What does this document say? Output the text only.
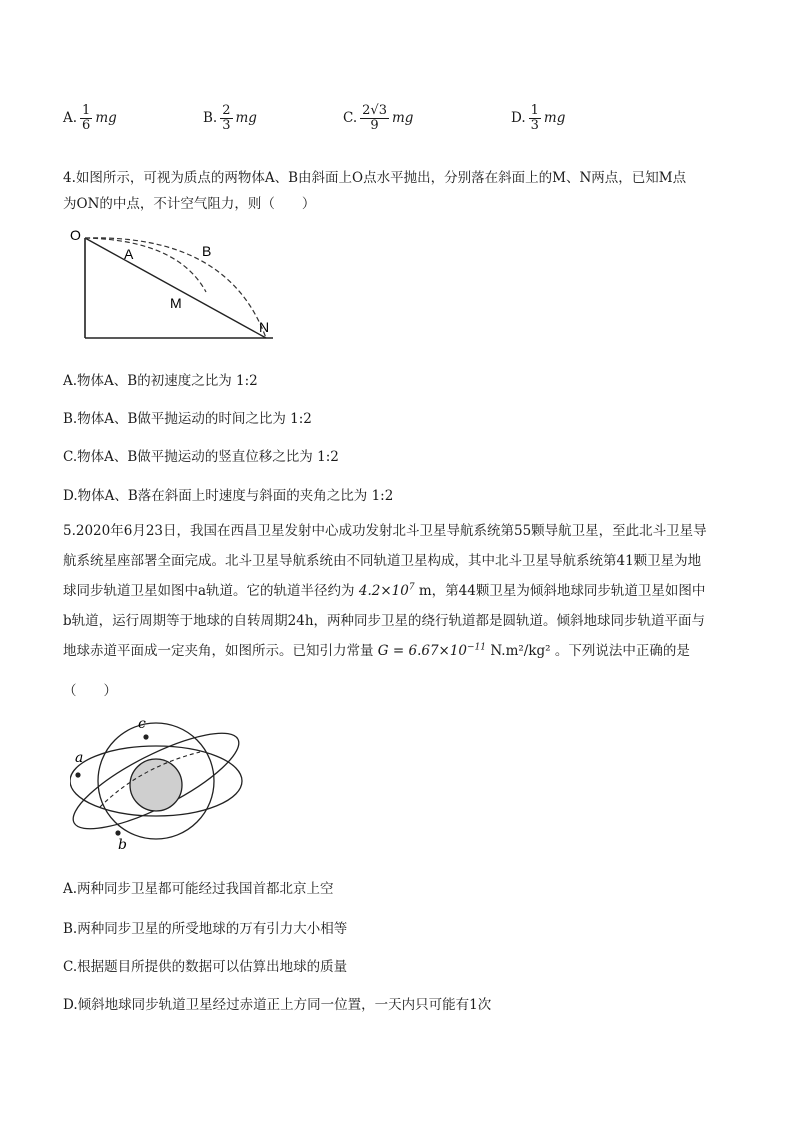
A. $\frac{1}{6}$ mg	B. $\frac{2}{3}$ mg	C. $\frac{2√3}{9}$ mg	D. $\frac{1}{3}$ mg
4.如图所示，可视为质点的两物体A、B由斜面上O点水平抛出，分别落在斜面上的M、N两点，已知M点
为ON的中点，不计空气阻力，则（　　）
O
A	B
M
N
A.物体A、B的初速度之比为 1:2
B.物体A、B做平抛运动的时间之比为 1:2
C.物体A、B做平抛运动的竖直位移之比为 1:2
D.物体A、B落在斜面上时速度与斜面的夹角之比为 1:2
5.2020年6月23日，我国在西昌卫星发射中心成功发射北斗卫星导航系统第55颗导航卫星，至此北斗卫星导
航系统星座部署全面完成。北斗卫星导航系统由不同轨道卫星构成，其中北斗卫星导航系统第41颗卫星为地
球同步轨道卫星如图中a轨道。它的轨道半径约为 $4.2\times 10^7$ m，第44颗卫星为倾斜地球同步轨道卫星如图中
b轨道，运行周期等于地球的自转周期24h，两种同步卫星的绕行轨道都是圆轨道。倾斜地球同步轨道平面与
地球赤道平面成一定夹角，如图所示。已知引力常量 $G = 6.67\times 10^{-11}$ N.m²/kg² 。下列说法中正确的是
（　　）
c
a
b
A.两种同步卫星都可能经过我国首都北京上空
B.两种同步卫星的所受地球的万有引力大小相等
C.根据题目所提供的数据可以估算出地球的质量
D.倾斜地球同步轨道卫星经过赤道正上方同一位置，一天内只可能有1次
